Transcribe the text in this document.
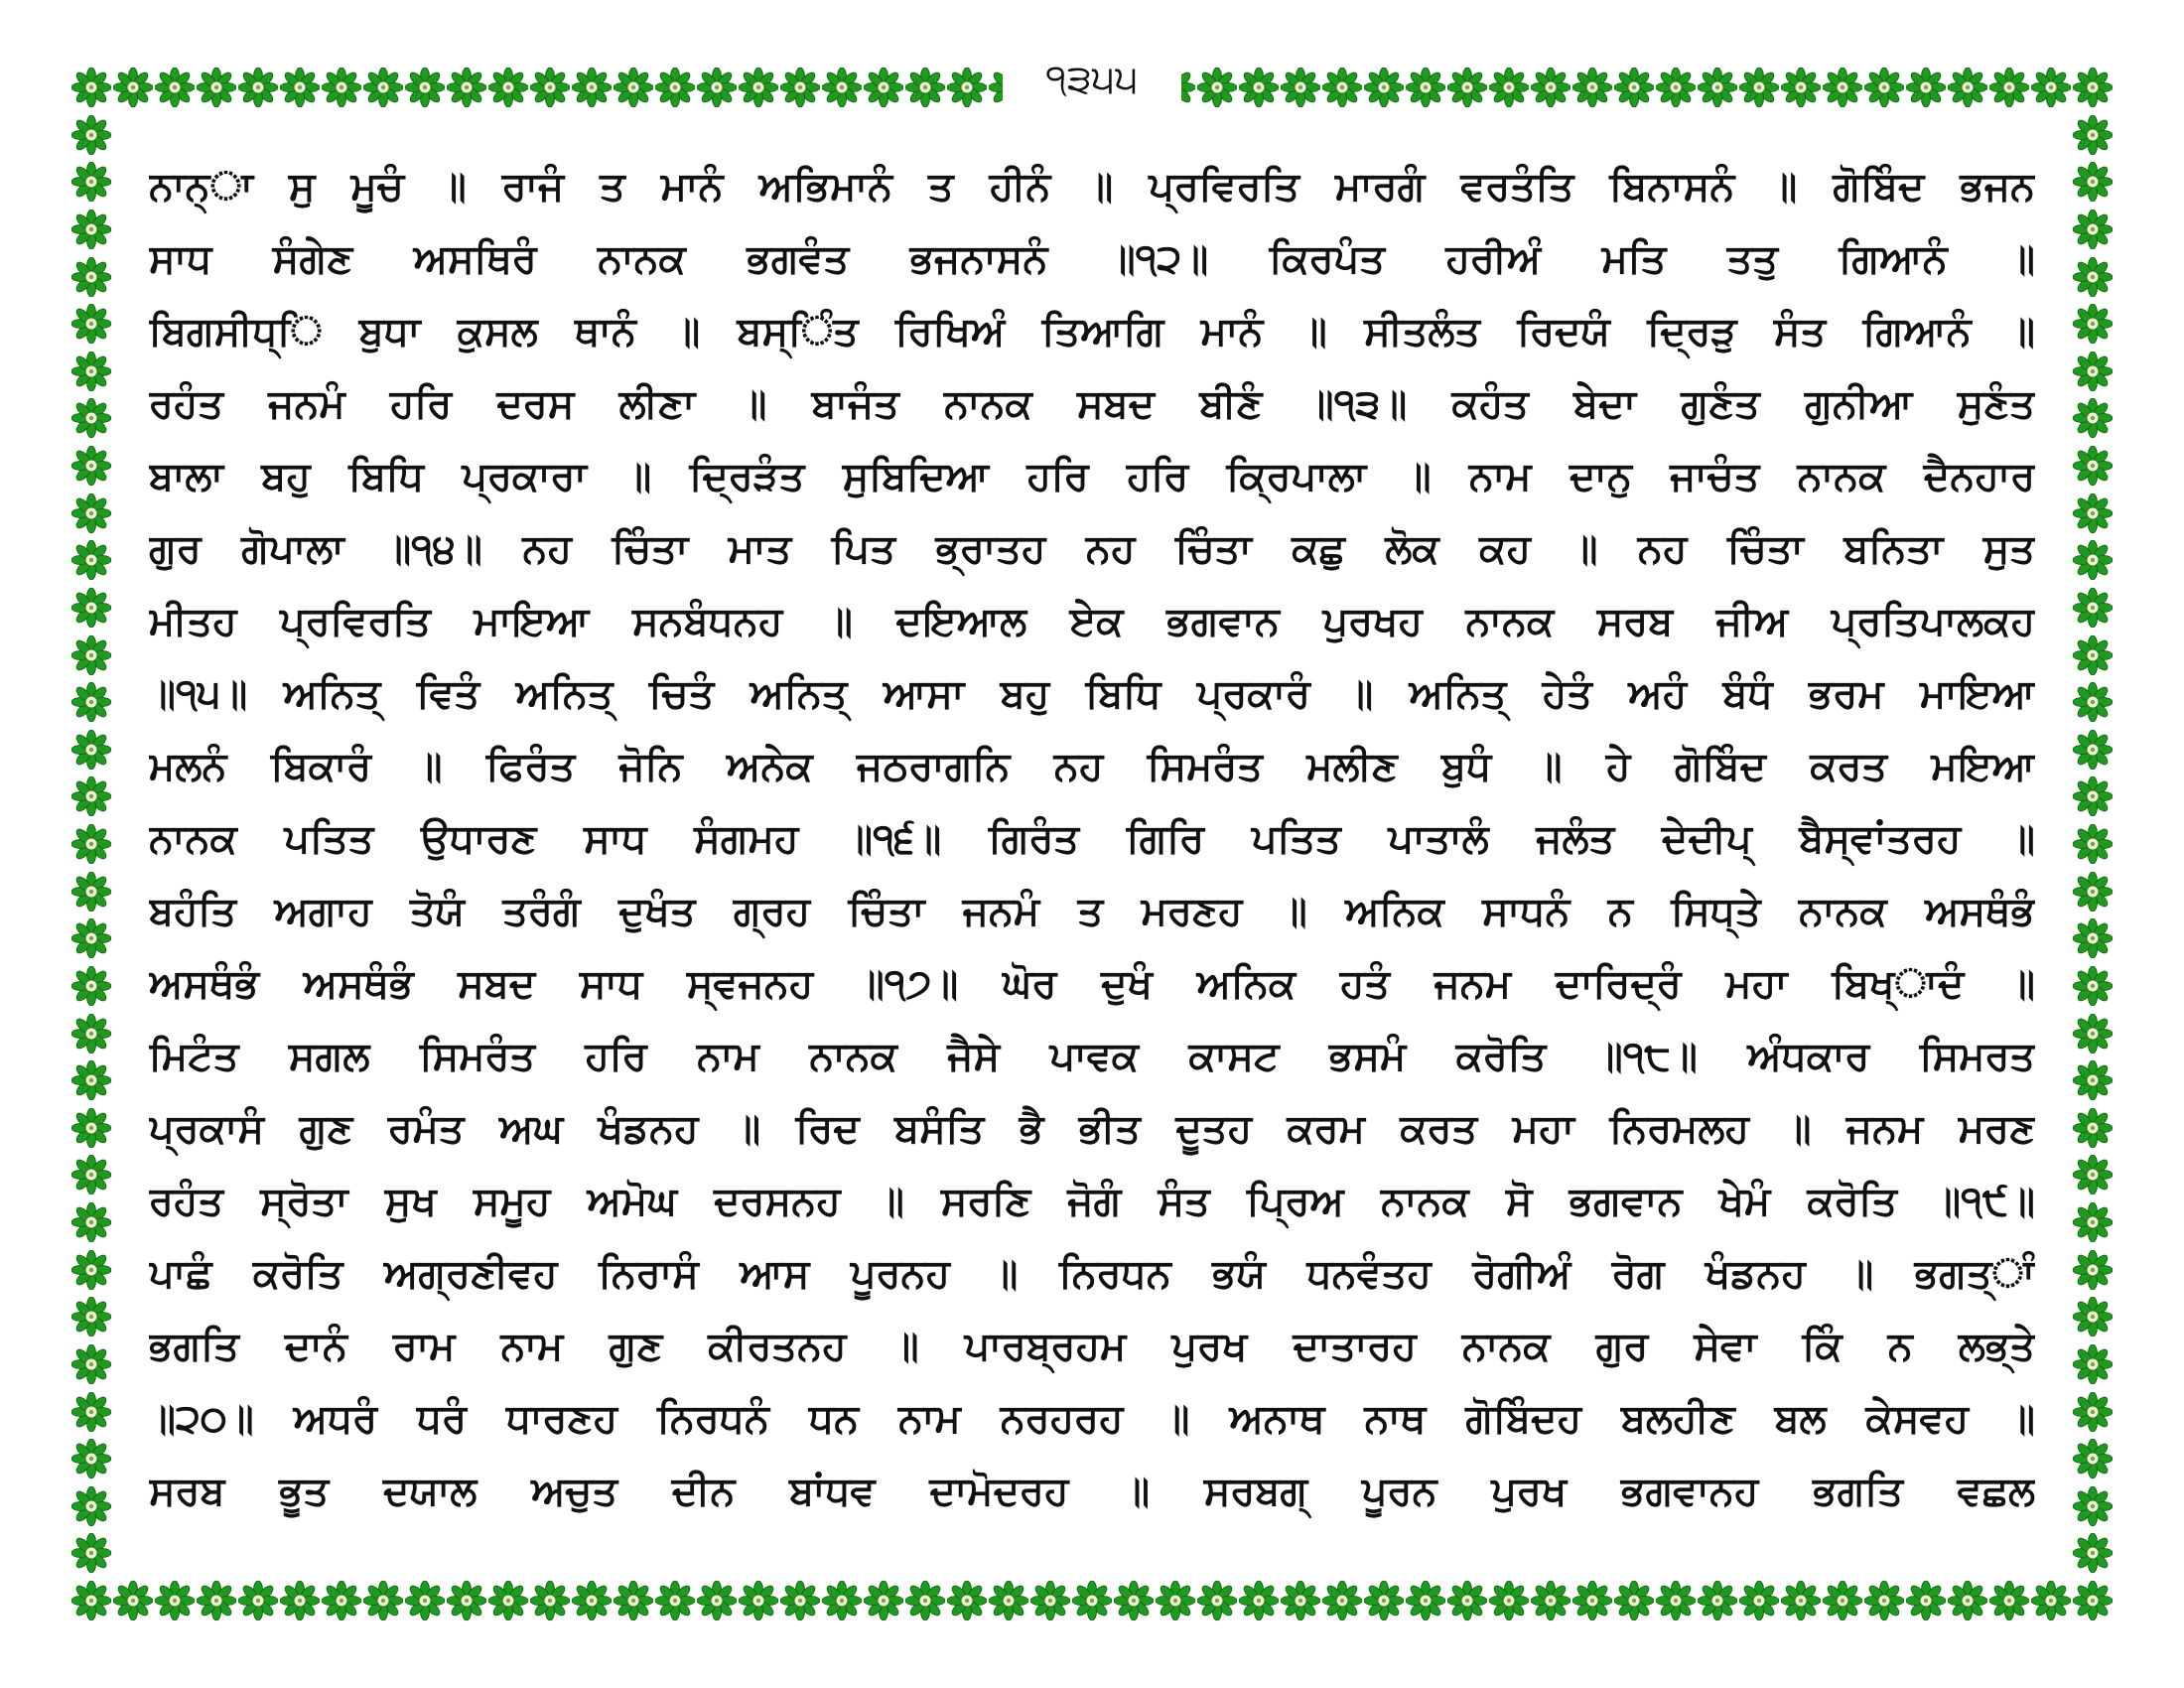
੧੩੫੫
ਨਾਨ੍ਾ ਸੁ ਮੂਚੰ ॥ ਰਾਜੰ ਤ ਮਾਨੰ ਅਭਿਮਾਨੰ ਤ ਹੀਨੰ ॥ ਪ੍ਰਵਿਰਤਿ ਮਾਰਗੰ ਵਰਤੰਤਿ ਬਿਨਾਸਨੰ ॥ ਗੋਬਿੰਦ ਭਜਨ
ਸਾਧ ਸੰਗੇਣ ਅਸਥਿਰੰ ਨਾਨਕ ਭਗਵੰਤ ਭਜਨਾਸਨੰ ॥੧੨॥ ਕਿਰਪੰਤ ਹਰੀਅੰ ਮਤਿ ਤਤੁ ਗਿਆਨੰ ॥
ਬਿਗਸੀਧ੍ਿ ਬੁਧਾ ਕੁਸਲ ਥਾਨੰ ॥ ਬਸ੍ਿੰਤ ਰਿਖਿਅੰ ਤਿਆਗਿ ਮਾਨੰ ॥ ਸੀਤਲੰਤ ਰਿਦਯੰ ਦ੍ਰਿੜੁ ਸੰਤ ਗਿਆਨੰ ॥
ਰਹੰਤ ਜਨਮੰ ਹਰਿ ਦਰਸ ਲੀਣਾ ॥ ਬਾਜੰਤ ਨਾਨਕ ਸਬਦ ਬੀਣੰ ॥੧੩॥ ਕਹੰਤ ਬੇਦਾ ਗੁਣੰਤ ਗੁਨੀਆ ਸੁਣੰਤ
ਬਾਲਾ ਬਹੁ ਬਿਧਿ ਪ੍ਰਕਾਰਾ ॥ ਦ੍ਰਿੜੰਤ ਸੁਬਿਦਿਆ ਹਰਿ ਹਰਿ ਕ੍ਰਿਪਾਲਾ ॥ ਨਾਮ ਦਾਨੁ ਜਾਚੰਤ ਨਾਨਕ ਦੈਨਹਾਰ
ਗੁਰ ਗੋਪਾਲਾ ॥੧੪॥ ਨਹ ਚਿੰਤਾ ਮਾਤ ਪਿਤ ਭ੍ਰਾਤਹ ਨਹ ਚਿੰਤਾ ਕਛੁ ਲੋਕ ਕਹ ॥ ਨਹ ਚਿੰਤਾ ਬਨਿਤਾ ਸੁਤ
ਮੀਤਹ ਪ੍ਰਵਿਰਤਿ ਮਾਇਆ ਸਨਬੰਧਨਹ ॥ ਦਇਆਲ ਏਕ ਭਗਵਾਨ ਪੁਰਖਹ ਨਾਨਕ ਸਰਬ ਜੀਅ ਪ੍ਰਤਿਪਾਲਕਹ
॥੧੫॥ ਅਨਿਤ੍ ਵਿਤੰ ਅਨਿਤ੍ ਚਿਤੰ ਅਨਿਤ੍ ਆਸਾ ਬਹੁ ਬਿਧਿ ਪ੍ਰਕਾਰੰ ॥ ਅਨਿਤ੍ ਹੇਤੰ ਅਹੰ ਬੰਧੰ ਭਰਮ ਮਾਇਆ
ਮਲਨੰ ਬਿਕਾਰੰ ॥ ਫਿਰੰਤ ਜੋਨਿ ਅਨੇਕ ਜਠਰਾਗਨਿ ਨਹ ਸਿਮਰੰਤ ਮਲੀਣ ਬੁਧੰ ॥ ਹੇ ਗੋਬਿੰਦ ਕਰਤ ਮਇਆ
ਨਾਨਕ ਪਤਿਤ ਉਧਾਰਣ ਸਾਧ ਸੰਗਮਹ ॥੧੬॥ ਗਿਰੰਤ ਗਿਰਿ ਪਤਿਤ ਪਾਤਾਲੰ ਜਲੰਤ ਦੇਦੀਪ੍ ਬੈਸ੍ਵਾਂਤਰਹ ॥
ਬਹੰਤਿ ਅਗਾਹ ਤੋਯੰ ਤਰੰਗੰ ਦੁਖੰਤ ਗ੍ਰਹ ਚਿੰਤਾ ਜਨਮੰ ਤ ਮਰਣਹ ॥ ਅਨਿਕ ਸਾਧਨੰ ਨ ਸਿਧ੍ਤੇ ਨਾਨਕ ਅਸਥੰਭੰ
ਅਸਥੰਭੰ ਅਸਥੰਭੰ ਸਬਦ ਸਾਧ ਸ੍ਵਜਨਹ ॥੧੭॥ ਘੋਰ ਦੁਖੰ ਅਨਿਕ ਹਤੰ ਜਨਮ ਦਾਰਿਦ੍ਰੰ ਮਹਾ ਬਿਖ੍ਾਦੰ ॥
ਮਿਟੰਤ ਸਗਲ ਸਿਮਰੰਤ ਹਰਿ ਨਾਮ ਨਾਨਕ ਜੈਸੇ ਪਾਵਕ ਕਾਸਟ ਭਸਮੰ ਕਰੋਤਿ ॥੧੮॥ ਅੰਧਕਾਰ ਸਿਮਰਤ
ਪ੍ਰਕਾਸੰ ਗੁਣ ਰਮੰਤ ਅਘ ਖੰਡਨਹ ॥ ਰਿਦ ਬਸੰਤਿ ਭੈ ਭੀਤ ਦੂਤਹ ਕਰਮ ਕਰਤ ਮਹਾ ਨਿਰਮਲਹ ॥ ਜਨਮ ਮਰਣ
ਰਹੰਤ ਸ੍ਰੋਤਾ ਸੁਖ ਸਮੂਹ ਅਮੋਘ ਦਰਸਨਹ ॥ ਸਰਣਿ ਜੋਗੰ ਸੰਤ ਪ੍ਰਿਅ ਨਾਨਕ ਸੋ ਭਗਵਾਨ ਖੇਮੰ ਕਰੋਤਿ ॥੧੯॥
ਪਾਛੰ ਕਰੋਤਿ ਅਗ੍ਰਣੀਵਹ ਨਿਰਾਸੰ ਆਸ ਪੂਰਨਹ ॥ ਨਿਰਧਨ ਭਯੰ ਧਨਵੰਤਹ ਰੋਗੀਅੰ ਰੋਗ ਖੰਡਨਹ ॥ ਭਗਤ੍ਾੰ
ਭਗਤਿ ਦਾਨੰ ਰਾਮ ਨਾਮ ਗੁਣ ਕੀਰਤਨਹ ॥ ਪਾਰਬ੍ਰਹਮ ਪੁਰਖ ਦਾਤਾਰਹ ਨਾਨਕ ਗੁਰ ਸੇਵਾ ਕਿੰ ਨ ਲਭ੍ਤੇ
॥੨੦॥ ਅਧਰੰ ਧਰੰ ਧਾਰਣਹ ਨਿਰਧਨੰ ਧਨ ਨਾਮ ਨਰਹਰਹ ॥ ਅਨਾਥ ਨਾਥ ਗੋਬਿੰਦਹ ਬਲਹੀਣ ਬਲ ਕੇਸਵਹ ॥
ਸਰਬ ਭੂਤ ਦਯਾਲ ਅਚੁਤ ਦੀਨ ਬਾਂਧਵ ਦਾਮੋਦਰਹ ॥ ਸਰਬਗ੍ ਪੂਰਨ ਪੁਰਖ ਭਗਵਾਨਹ ਭਗਤਿ ਵਛਲ
